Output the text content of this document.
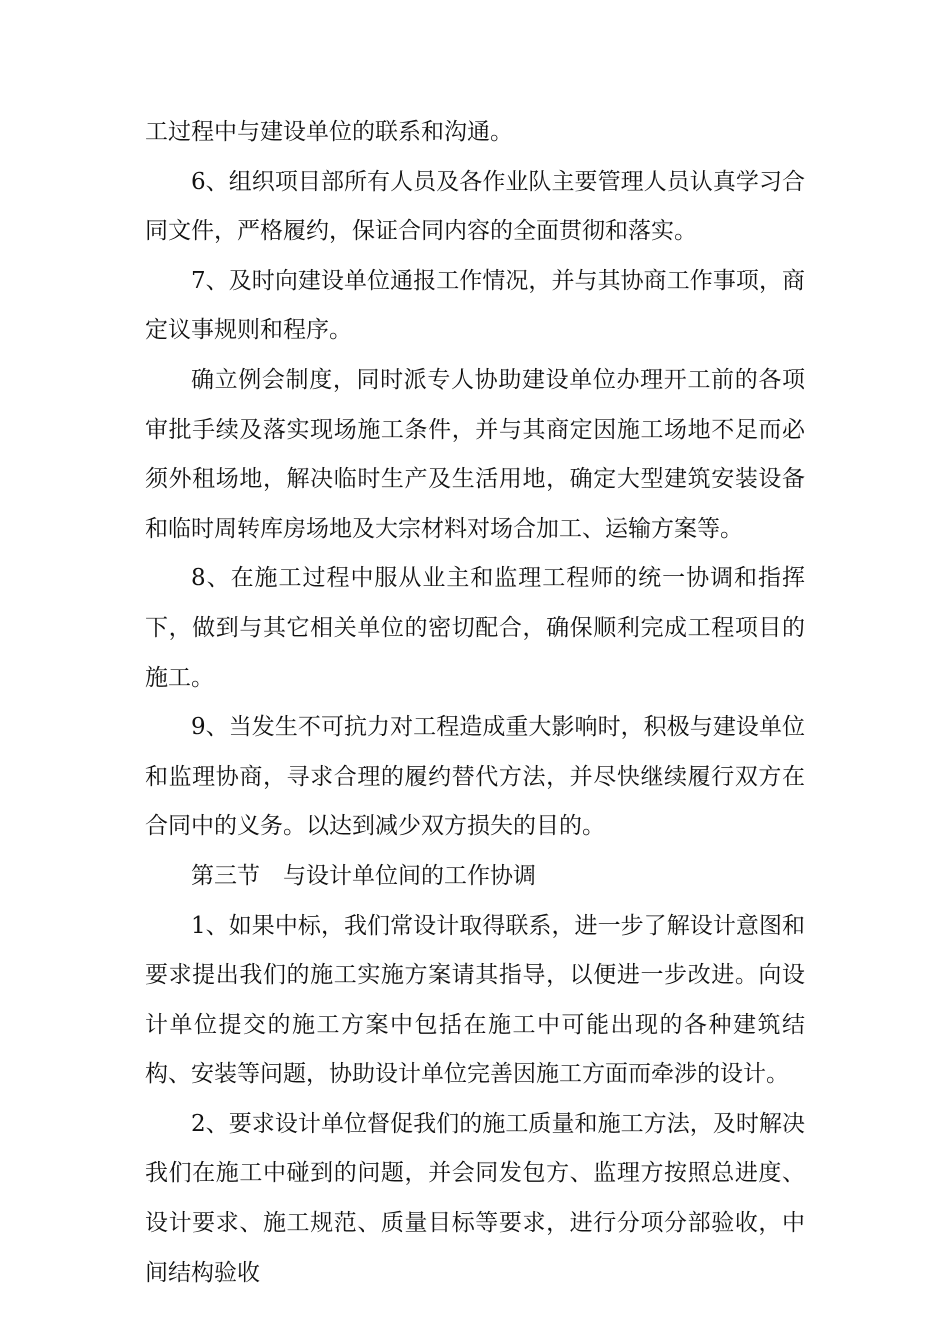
工过程中与建设单位的联系和沟通。

6、组织项目部所有人员及各作业队主要管理人员认真学习合同文件，严格履约，保证合同内容的全面贯彻和落实。

7、及时向建设单位通报工作情况，并与其协商工作事项，商定议事规则和程序。

确立例会制度，同时派专人协助建设单位办理开工前的各项审批手续及落实现场施工条件，并与其商定因施工场地不足而必须外租场地，解决临时生产及生活用地，确定大型建筑安装设备和临时周转库房场地及大宗材料对场合加工、运输方案等。

8、在施工过程中服从业主和监理工程师的统一协调和指挥下，做到与其它相关单位的密切配合，确保顺利完成工程项目的施工。

9、当发生不可抗力对工程造成重大影响时，积极与建设单位和监理协商，寻求合理的履约替代方法，并尽快继续履行双方在合同中的义务。以达到减少双方损失的目的。

第三节　与设计单位间的工作协调

1、如果中标，我们常设计取得联系，进一步了解设计意图和要求提出我们的施工实施方案请其指导，以便进一步改进。向设计单位提交的施工方案中包括在施工中可能出现的各种建筑结构、安装等问题，协助设计单位完善因施工方面而牵涉的设计。

2、要求设计单位督促我们的施工质量和施工方法，及时解决我们在施工中碰到的问题，并会同发包方、监理方按照总进度、设计要求、施工规范、质量目标等要求，进行分项分部验收，中间结构验收
